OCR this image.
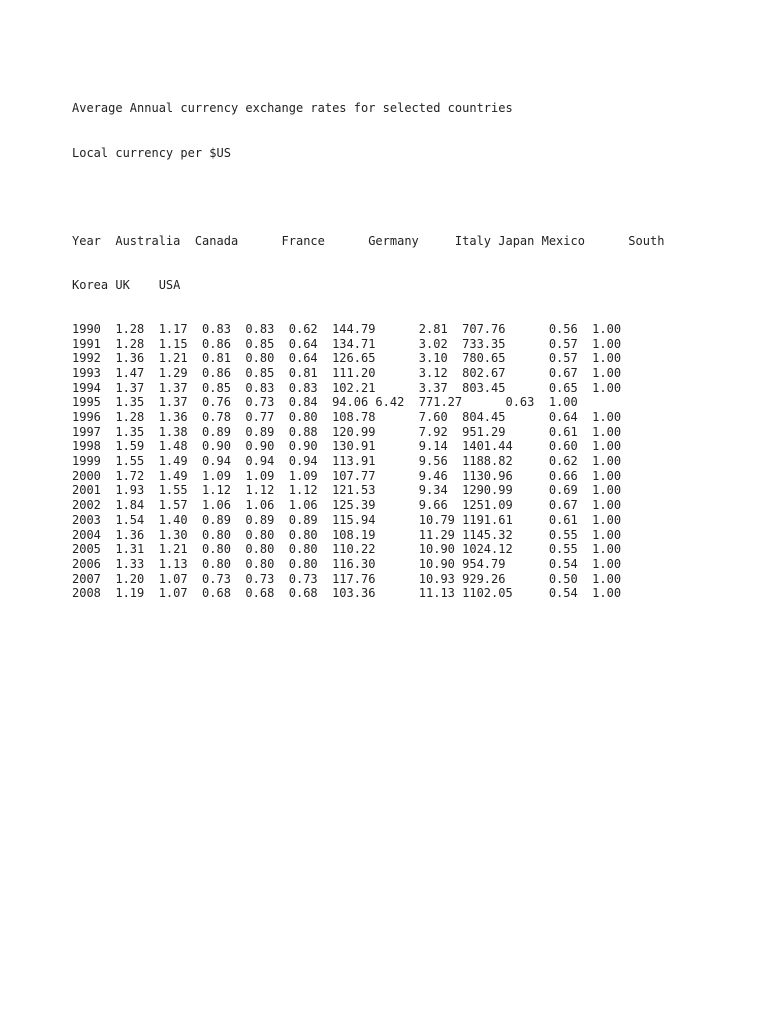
Average Annual currency exchange rates for selected countries

Local currency per $US

Year  Australia  Canada      France      Germany     Italy Japan Mexico      South

Korea UK    USA

1990  1.28  1.17  0.83  0.83  0.62  144.79      2.81  707.76      0.56  1.00
1991  1.28  1.15  0.86  0.85  0.64  134.71      3.02  733.35      0.57  1.00
1992  1.36  1.21  0.81  0.80  0.64  126.65      3.10  780.65      0.57  1.00
1993  1.47  1.29  0.86  0.85  0.81  111.20      3.12  802.67      0.67  1.00
1994  1.37  1.37  0.85  0.83  0.83  102.21      3.37  803.45      0.65  1.00
1995  1.35  1.37  0.76  0.73  0.84  94.06 6.42  771.27      0.63  1.00
1996  1.28  1.36  0.78  0.77  0.80  108.78      7.60  804.45      0.64  1.00
1997  1.35  1.38  0.89  0.89  0.88  120.99      7.92  951.29      0.61  1.00
1998  1.59  1.48  0.90  0.90  0.90  130.91      9.14  1401.44     0.60  1.00
1999  1.55  1.49  0.94  0.94  0.94  113.91      9.56  1188.82     0.62  1.00
2000  1.72  1.49  1.09  1.09  1.09  107.77      9.46  1130.96     0.66  1.00
2001  1.93  1.55  1.12  1.12  1.12  121.53      9.34  1290.99     0.69  1.00
2002  1.84  1.57  1.06  1.06  1.06  125.39      9.66  1251.09     0.67  1.00
2003  1.54  1.40  0.89  0.89  0.89  115.94      10.79 1191.61     0.61  1.00
2004  1.36  1.30  0.80  0.80  0.80  108.19      11.29 1145.32     0.55  1.00
2005  1.31  1.21  0.80  0.80  0.80  110.22      10.90 1024.12     0.55  1.00
2006  1.33  1.13  0.80  0.80  0.80  116.30      10.90 954.79      0.54  1.00
2007  1.20  1.07  0.73  0.73  0.73  117.76      10.93 929.26      0.50  1.00
2008  1.19  1.07  0.68  0.68  0.68  103.36      11.13 1102.05     0.54  1.00
